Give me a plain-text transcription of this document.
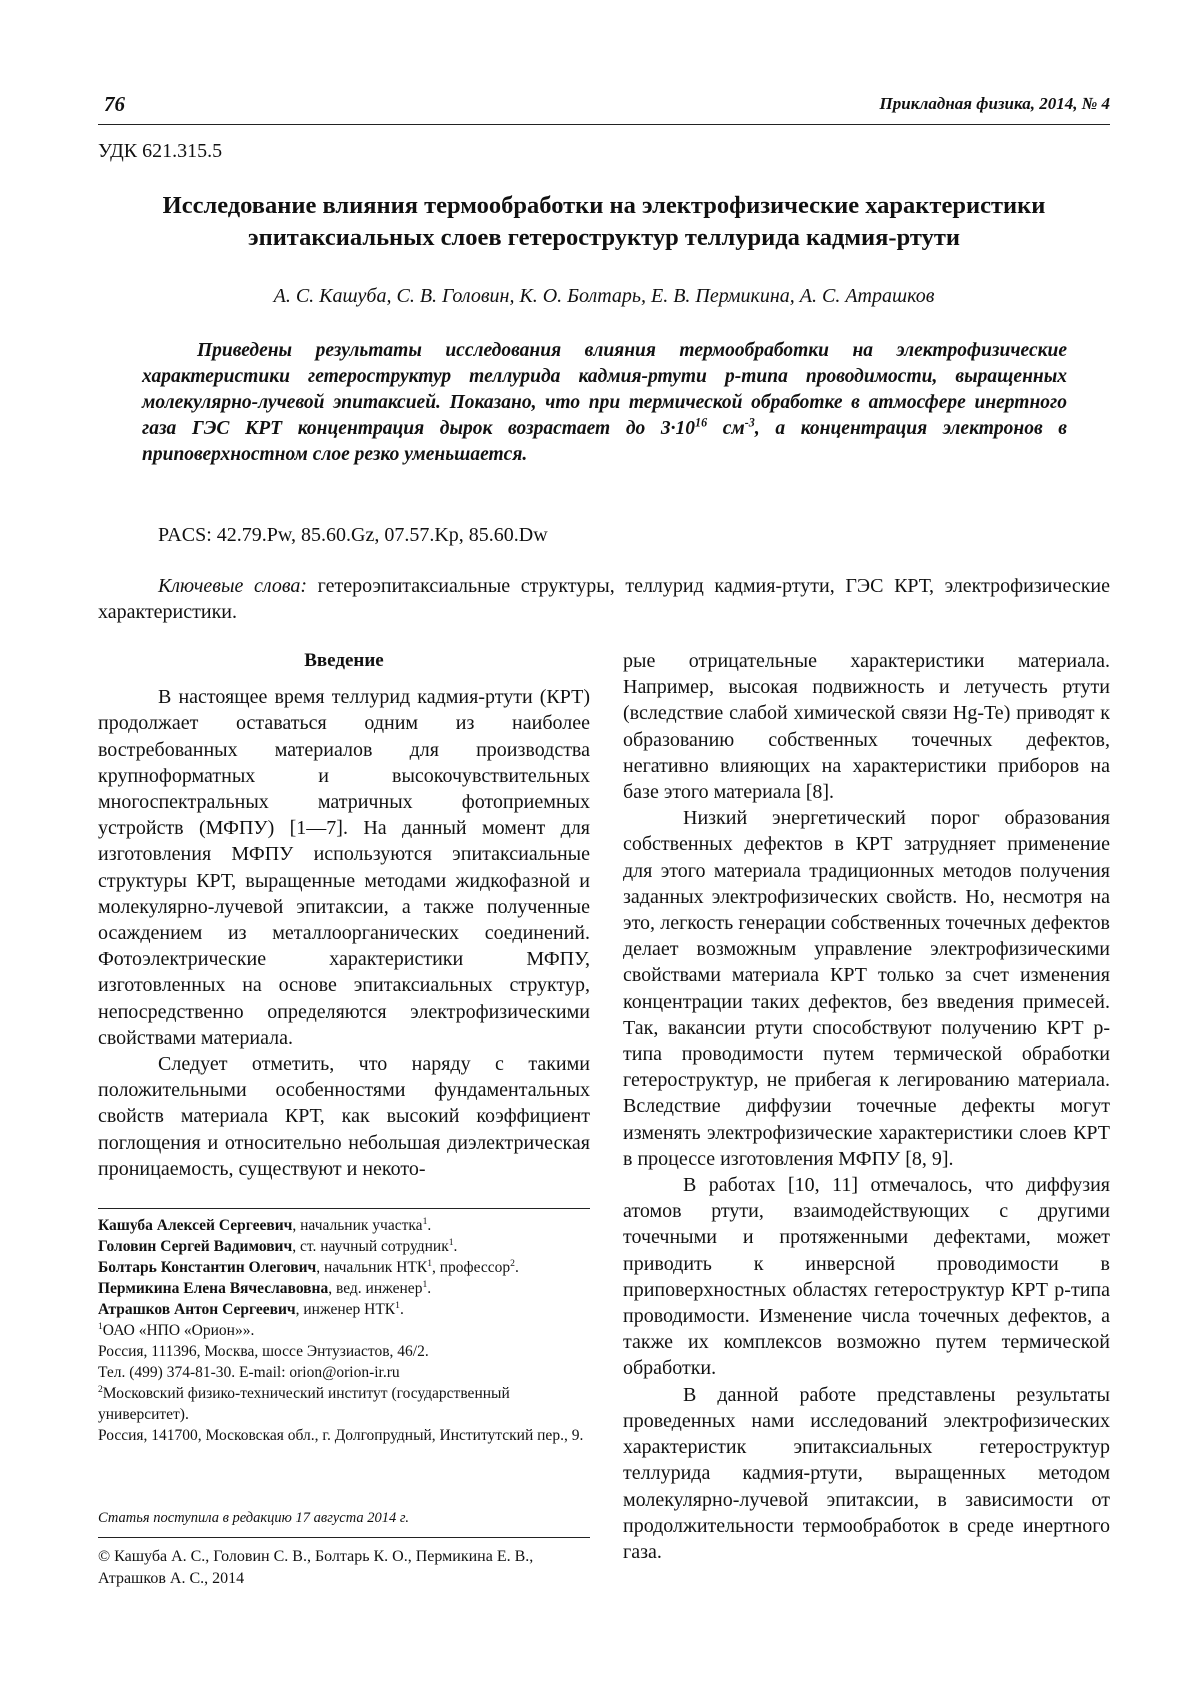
76	Прикладная физика, 2014, № 4
УДК 621.315.5
Исследование влияния термообработки на электрофизические характеристики эпитаксиальных слоев гетероструктур теллурида кадмия-ртути
А. С. Кашуба, С. В. Головин, К. О. Болтарь, Е. В. Пермикина, А. С. Атрашков
Приведены результаты исследования влияния термообработки на электрофизические характеристики гетероструктур теллурида кадмия-ртути p-типа проводимости, выращенных молекулярно-лучевой эпитаксией. Показано, что при термической обработке в атмосфере инертного газа ГЭС КРТ концентрация дырок возрастает до $3\cdot 10^{16}$ $см^{-3}$, а концентрация электронов в приповерхностном слое резко уменьшается.
PACS: 42.79.Pw, 85.60.Gz, 07.57.Kp, 85.60.Dw
Ключевые слова: гетероэпитаксиальные структуры, теллурид кадмия-ртути, ГЭС КРТ, электрофизические характеристики.
Введение

В настоящее время теллурид кадмия-ртути (КРТ) продолжает оставаться одним из наиболее востребованных материалов для производства крупноформатных и высокочувствительных многоспектральных матричных фотоприемных устройств (МФПУ) [1—7]. На данный момент для изготовления МФПУ используются эпитаксиальные структуры КРТ, выращенные методами жидкофазной и молекулярно-лучевой эпитаксии, а также полученные осаждением из металлоорганических соединений. Фотоэлектрические характеристики МФПУ, изготовленных на основе эпитаксиальных структур, непосредственно определяются электрофизическими свойствами материала.

Следует отметить, что наряду с такими положительными особенностями фундаментальных свойств материала КРТ, как высокий коэффициент поглощения и относительно небольшая диэлектрическая проницаемость, существуют и некото-

рые отрицательные характеристики материала. Например, высокая подвижность и летучесть ртути (вследствие слабой химической связи Hg-Te) приводят к образованию собственных точечных дефектов, негативно влияющих на характеристики приборов на базе этого материала [8].

Низкий энергетический порог образования собственных дефектов в КРТ затрудняет применение для этого материала традиционных методов получения заданных электрофизических свойств. Но, несмотря на это, легкость генерации собственных точечных дефектов делает возможным управление электрофизическими свойствами материала КРТ только за счет изменения концентрации таких дефектов, без введения примесей. Так, вакансии ртути способствуют получению КРТ p-типа проводимости путем термической обработки гетероструктур, не прибегая к легированию материала. Вследствие диффузии точечные дефекты могут изменять электрофизические характеристики слоев КРТ в процессе изготовления МФПУ [8, 9].

В работах [10, 11] отмечалось, что диффузия атомов ртути, взаимодействующих с другими точечными и протяженными дефектами, может приводить к инверсной проводимости в приповерхностных областях гетероструктур КРТ p-типа проводимости. Изменение числа точечных дефектов, а также их комплексов возможно путем термической обработки.

В данной работе представлены результаты проведенных нами исследований электрофизических характеристик эпитаксиальных гетероструктур теллурида кадмия-ртути, выращенных методом молекулярно-лучевой эпитаксии, в зависимости от продолжительности термообработок в среде инертного газа.

Кашуба Алексей Сергеевич, начальник участка$^1$.
Головин Сергей Вадимович, ст. научный сотрудник$^1$.
Болтарь Константин Олегович, начальник НТК$^1$, профессор$^2$.
Пермикина Елена Вячеславовна, вед. инженер$^1$.
Атрашков Антон Сергеевич, инженер НТК$^1$.
$^1$ОАО «НПО «Орион»».
Россия, 111396, Москва, шоссе Энтузиастов, 46/2.
Тел. (499) 374-81-30. E-mail: orion@orion-ir.ru
$^2$Московский физико-технический институт (государственный университет).
Россия, 141700, Московская обл., г. Долгопрудный, Институтский пер., 9.
Статья поступила в редакцию 17 августа 2014 г.
© Кашуба А. С., Головин С. В., Болтарь К. О., Пермикина Е. В., Атрашков А. С., 2014
